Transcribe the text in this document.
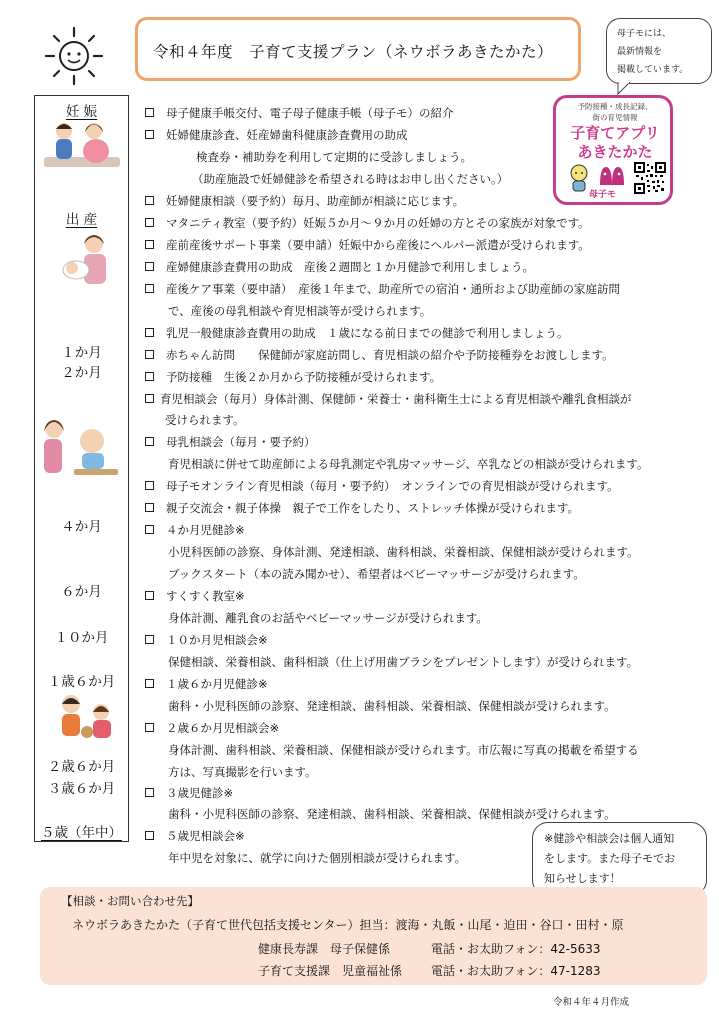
令和４年度　子育て支援プラン（ネウボラあきたかた）
母子モには、
最新情報を
掲載しています。
予防接種・成長記録、
街の育児情報
子育てアプリ
あきたかた
母子モ
妊 娠
出 産
１か月
２か月
４か月
６か月
１０か月
１歳６か月
２歳６か月
３歳６か月
５歳（年中）
母子健康手帳交付、電子母子健康手帳（母子モ）の紹介
妊婦健康診査、妊産婦歯科健康診査費用の助成
検査券・補助券を利用して定期的に受診しましょう。
（助産施設で妊婦健診を希望される時はお申し出ください。）
妊婦健康相談（要予約）毎月、助産師が相談に応じます。
マタニティ教室（要予約）妊娠５か月～９か月の妊婦の方とその家族が対象です。
産前産後サポート事業（要申請）妊娠中から産後にヘルパー派遣が受けられます。
産婦健康診査費用の助成　産後２週間と１か月健診で利用しましょう。
産後ケア事業（要申請）　産後１年まで、助産所での宿泊・通所および助産師の家庭訪問
で、産後の母乳相談や育児相談等が受けられます。
乳児一般健康診査費用の助成　１歳になる前日までの健診で利用しましょう。
赤ちゃん訪問　　保健師が家庭訪問し、育児相談の紹介や予防接種券をお渡しします。
予防接種　生後２か月から予防接種が受けられます。
育児相談会（毎月）身体計測、保健師・栄養士・歯科衛生士による育児相談や離乳食相談が
受けられます。
母乳相談会（毎月・要予約）
育児相談に併せて助産師による母乳測定や乳房マッサージ、卒乳などの相談が受けられます。
母子モオンライン育児相談（毎月・要予約）　オンラインでの育児相談が受けられます。
親子交流会・親子体操　親子で工作をしたり、ストレッチ体操が受けられます。
４か月児健診※
小児科医師の診察、身体計測、発達相談、歯科相談、栄養相談、保健相談が受けられます。
ブックスタート（本の読み聞かせ）、希望者はベビーマッサージが受けられます。
すくすく教室※
身体計測、離乳食のお話やベビーマッサージが受けられます。
１０か月児相談会※
保健相談、栄養相談、歯科相談（仕上げ用歯ブラシをプレゼントします）が受けられます。
１歳６か月児健診※
歯科・小児科医師の診察、発達相談、歯科相談、栄養相談、保健相談が受けられます。
２歳６か月児相談会※
身体計測、歯科相談、栄養相談、保健相談が受けられます。市広報に写真の掲載を希望する
方は、写真撮影を行います。
３歳児健診※
歯科・小児科医師の診察、発達相談、歯科相談、栄養相談、保健相談が受けられます。
５歳児相談会※
年中児を対象に、就学に向けた個別相談が受けられます。
※健診や相談会は個人通知
をします。また母子モでお
知らせします！
【相談・お問い合わせ先】
ネウボラあきたかた（子育て世代包括支援センター）担当：渡海・丸飯・山尾・迫田・谷口・田村・原
健康長寿課　母子保健係	電話・お太助フォン：42-5633
子育て支援課　児童福祉係 電話・お太助フォン：47-1283
令和４年４月作成
